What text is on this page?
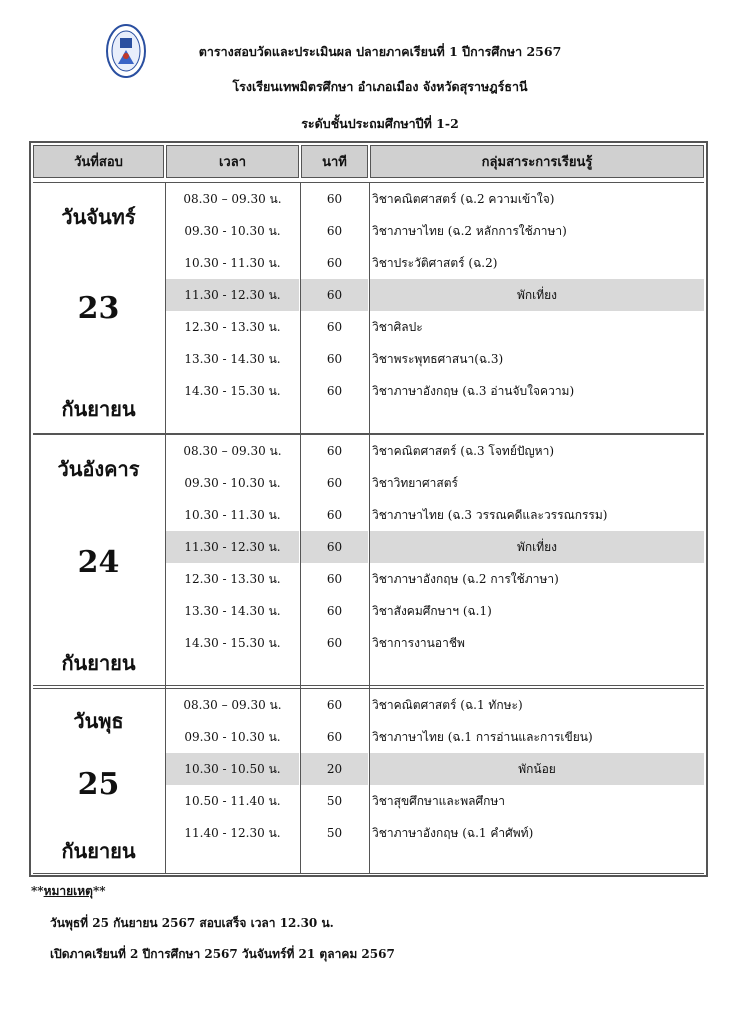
ตารางสอบวัดและประเมินผล ปลายภาคเรียนที่ 1 ปีการศึกษา 2567
โรงเรียนเทพมิตรศึกษา อำเภอเมือง จังหวัดสุราษฎร์ธานี
ระดับชั้นประถมศึกษาปีที่ 1-2
วันที่สอบ	เวลา	นาที	กลุ่มสาระการเรียนรู้
วันจันทร์
23
กันยายน
08.30 – 09.30 น.	60	วิชาคณิตศาสตร์ (ฉ.2 ความเข้าใจ)
09.30 - 10.30 น.	60	วิชาภาษาไทย (ฉ.2 หลักการใช้ภาษา)
10.30 - 11.30 น.	60	วิชาประวัติศาสตร์ (ฉ.2)
11.30 - 12.30 น.	60	พักเที่ยง
12.30 - 13.30 น.	60	วิชาศิลปะ
13.30 - 14.30 น.	60	วิชาพระพุทธศาสนา(ฉ.3)
14.30 - 15.30 น.	60	วิชาภาษาอังกฤษ (ฉ.3 อ่านจับใจความ)
วันอังคาร
24
กันยายน
08.30 – 09.30 น.	60	วิชาคณิตศาสตร์ (ฉ.3 โจทย์ปัญหา)
09.30 - 10.30 น.	60	วิชาวิทยาศาสตร์
10.30 - 11.30 น.	60	วิชาภาษาไทย (ฉ.3 วรรณคดีและวรรณกรรม)
11.30 - 12.30 น.	60	พักเที่ยง
12.30 - 13.30 น.	60	วิชาภาษาอังกฤษ (ฉ.2 การใช้ภาษา)
13.30 - 14.30 น.	60	วิชาสังคมศึกษาฯ (ฉ.1)
14.30 - 15.30 น.	60	วิชาการงานอาชีพ
วันพุธ
25
กันยายน
08.30 – 09.30 น.	60	วิชาคณิตศาสตร์ (ฉ.1 ทักษะ)
09.30 - 10.30 น.	60	วิชาภาษาไทย (ฉ.1 การอ่านและการเขียน)
10.30 - 10.50 น.	20	พักน้อย
10.50 - 11.40 น.	50	วิชาสุขศึกษาและพลศึกษา
11.40 - 12.30 น.	50	วิชาภาษาอังกฤษ (ฉ.1 คำศัพท์)
**หมายเหตุ**
วันพุธที่ 25 กันยายน 2567 สอบเสร็จ เวลา 12.30 น.
เปิดภาคเรียนที่ 2 ปีการศึกษา 2567 วันจันทร์ที่ 21 ตุลาคม 2567
